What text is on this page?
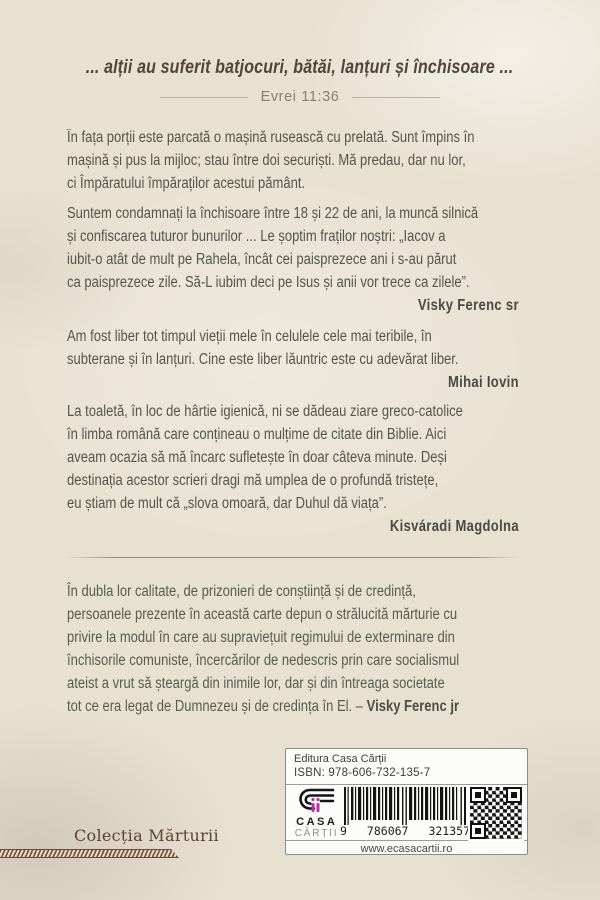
... alții au suferit batjocuri, bătăi, lanțuri și închisoare ...
Evrei 11:36
În fața porții este parcată o mașină rusească cu prelată. Sunt împins în
mașină și pus la mijloc; stau între doi securiști. Mă predau, dar nu lor,
ci Împăratului împăraților acestui pământ.
Suntem condamnați la închisoare între 18 și 22 de ani, la muncă silnică
și confiscarea tuturor bunurilor ... Le șoptim fraților noștri: „Iacov a
iubit-o atât de mult pe Rahela, încât cei paisprezece ani i s-au părut
ca paisprezece zile. Să-L iubim deci pe Isus și anii vor trece ca zilele”.
Visky Ferenc sr
Am fost liber tot timpul vieții mele în celulele cele mai teribile, în
subterane și în lanțuri. Cine este liber lăuntric este cu adevărat liber.
Mihai Iovin
La toaletă, în loc de hârtie igienică, ni se dădeau ziare greco-catolice
în limba română care conțineau o mulțime de citate din Biblie. Aici
aveam ocazia să mă încarc sufletește în doar câteva minute. Deși
destinația acestor scrieri dragi mă umplea de o profundă tristețe,
eu știam de mult că „slova omoară, dar Duhul dă viața”.
Kisváradi Magdolna
În dubla lor calitate, de prizonieri de conștiință și de credință,
persoanele prezente în această carte depun o strălucită mărturie cu
privire la modul în care au supraviețuit regimului de exterminare din
închisorile comuniste, încercărilor de nedescris prin care socialismul
ateist a vrut să șteargă din inimile lor, dar și din întreaga societate
tot ce era legat de Dumnezeu și de credința în El. – Visky Ferenc jr
Colecția Mărturii
Editura Casa Cărții
ISBN: 978-606-732-135-7
CASA
CĂRȚII 9 786067 321357
www.ecasacartii.ro
